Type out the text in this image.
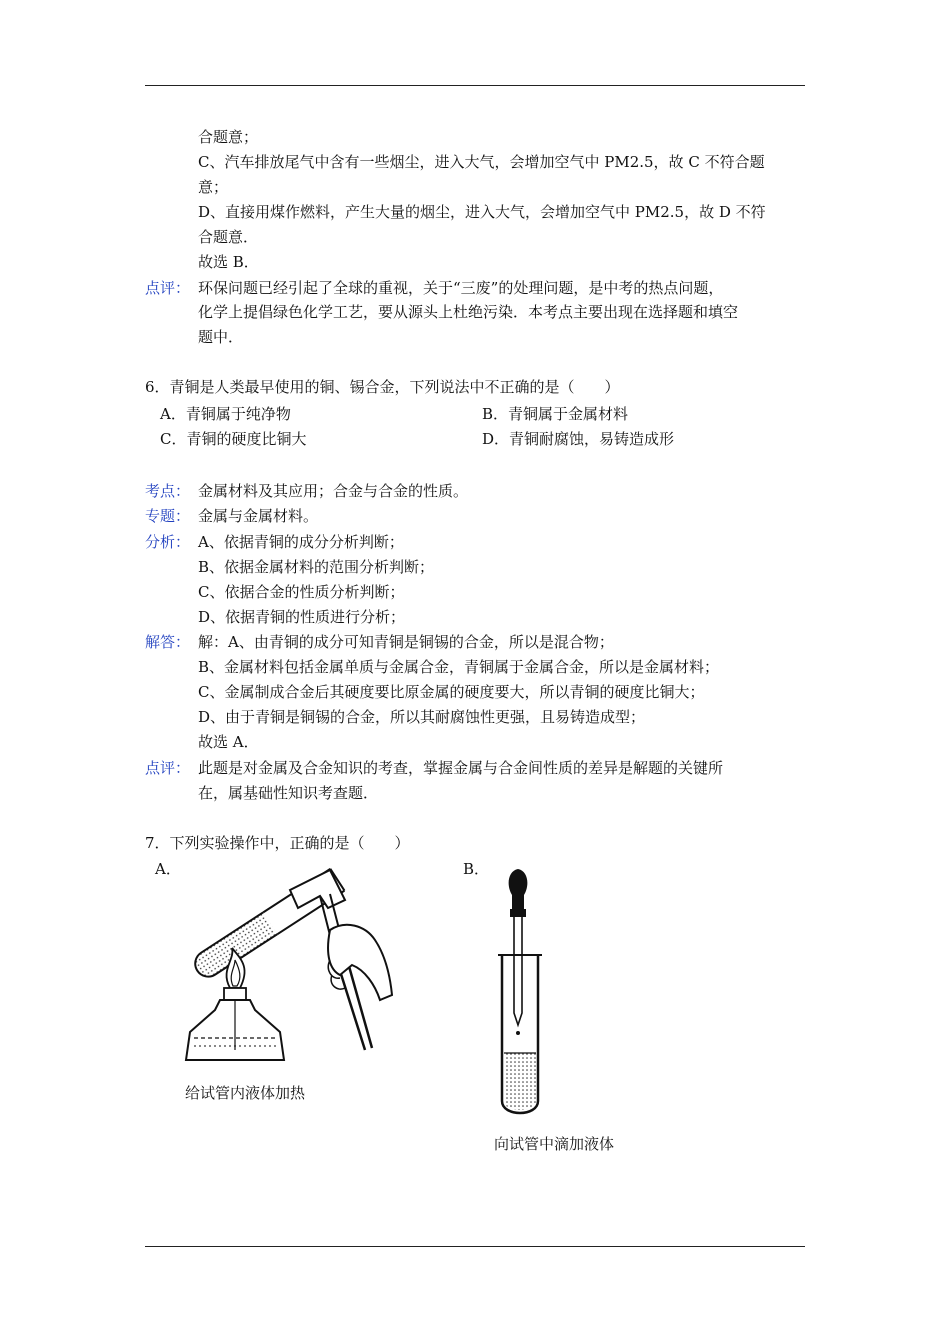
合题意；
C、汽车排放尾气中含有一些烟尘，进入大气，会增加空气中 PM2.5，故 C 不符合题
意；
D、直接用煤作燃料，产生大量的烟尘，进入大气，会增加空气中 PM2.5，故 D 不符
合题意．
故选 B．
点评： 环保问题已经引起了全球的重视，关于“三废”的处理问题，是中考的热点问题，
化学上提倡绿色化学工艺，要从源头上杜绝污染．本考点主要出现在选择题和填空
题中．
6．青铜是人类最早使用的铜、锡合金，下列说法中不正确的是（　　）
A．青铜属于纯净物	B．青铜属于金属材料
C．青铜的硬度比铜大	D．青铜耐腐蚀，易铸造成形
考点： 金属材料及其应用；合金与合金的性质。
专题： 金属与金属材料。
分析： A、依据青铜的成分分析判断；
B、依据金属材料的范围分析判断；
C、依据合金的性质分析判断；
D、依据青铜的性质进行分析；
解答： 解：A、由青铜的成分可知青铜是铜锡的合金，所以是混合物；
B、金属材料包括金属单质与金属合金，青铜属于金属合金，所以是金属材料；
C、金属制成合金后其硬度要比原金属的硬度要大，所以青铜的硬度比铜大；
D、由于青铜是铜锡的合金，所以其耐腐蚀性更强，且易铸造成型；
故选 A．
点评： 此题是对金属及合金知识的考查，掌握金属与合金间性质的差异是解题的关键所
在，属基础性知识考查题．
7．下列实验操作中，正确的是（　　）
A．	B．
给试管内液体加热
向试管中滴加液体
